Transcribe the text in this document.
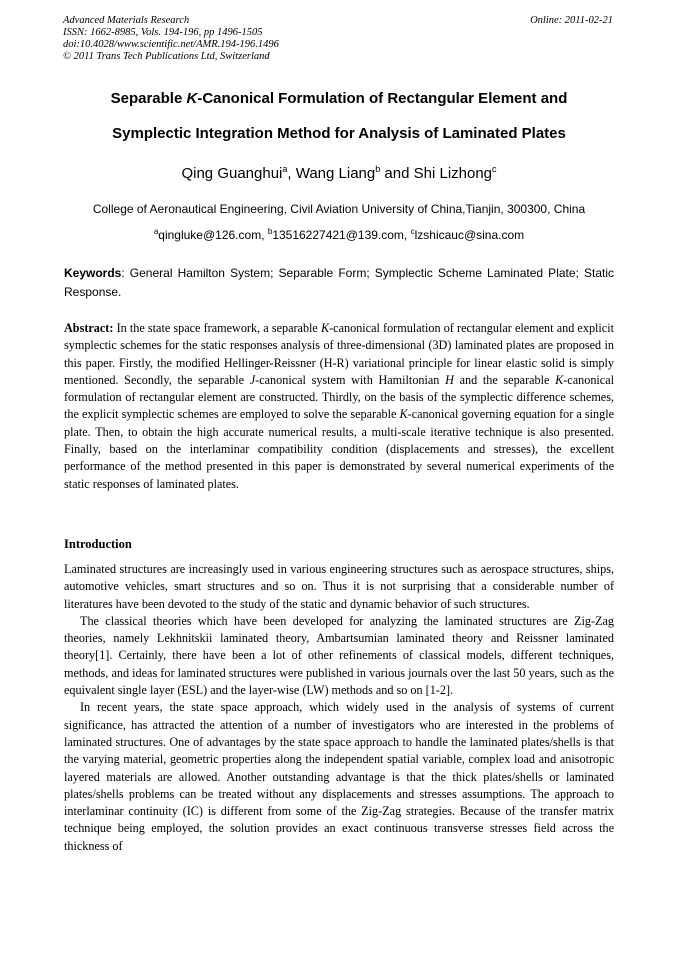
Advanced Materials Research
ISSN: 1662-8985, Vols. 194-196, pp 1496-1505
doi:10.4028/www.scientific.net/AMR.194-196.1496
© 2011 Trans Tech Publications Ltd, Switzerland
Online: 2011-02-21
Separable K-Canonical Formulation of Rectangular Element and
Symplectic Integration Method for Analysis of Laminated Plates
Qing Guanghui$^a$, Wang Liang$^b$ and Shi Lizhong$^c$
College of Aeronautical Engineering, Civil Aviation University of China,Tianjin, 300300, China
$^a$qingluke@126.com, $^b$13516227421@139.com, $^c$lzshicauc@sina.com
Keywords: General Hamilton System; Separable Form; Symplectic Scheme Laminated Plate; Static Response.
Abstract: In the state space framework, a separable K-canonical formulation of rectangular element and explicit symplectic schemes for the static responses analysis of three-dimensional (3D) laminated plates are proposed in this paper. Firstly, the modified Hellinger-Reissner (H-R) variational principle for linear elastic solid is simply mentioned. Secondly, the separable J-canonical system with Hamiltonian H and the separable K-canonical formulation of rectangular element are constructed. Thirdly, on the basis of the symplectic difference schemes, the explicit symplectic schemes are employed to solve the separable K-canonical governing equation for a single plate. Then, to obtain the high accurate numerical results, a multi-scale iterative technique is also presented. Finally, based on the interlaminar compatibility condition (displacements and stresses), the excellent performance of the method presented in this paper is demonstrated by several numerical experiments of the static responses of laminated plates.
Introduction

Laminated structures are increasingly used in various engineering structures such as aerospace structures, ships, automotive vehicles, smart structures and so on. Thus it is not surprising that a considerable number of literatures have been devoted to the study of the static and dynamic behavior of such structures.

The classical theories which have been developed for analyzing the laminated structures are Zig-Zag theories, namely Lekhnitskii laminated theory, Ambartsumian laminated theory and Reissner laminated theory[1]. Certainly, there have been a lot of other refinements of classical models, different techniques, methods, and ideas for laminated structures were published in various journals over the last 50 years, such as the equivalent single layer (ESL) and the layer-wise (LW) methods and so on [1-2].

In recent years, the state space approach, which widely used in the analysis of systems of current significance, has attracted the attention of a number of investigators who are interested in the problems of laminated structures. One of advantages by the state space approach to handle the laminated plates/shells is that the varying material, geometric properties along the independent spatial variable, complex load and anisotropic layered materials are allowed. Another outstanding advantage is that the thick plates/shells or laminated plates/shells problems can be treated without any displacements and stresses assumptions. The approach to interlaminar continuity (IC) is different from some of the Zig-Zag strategies. Because of the transfer matrix technique being employed, the solution provides an exact continuous transverse stresses field across the thickness of
